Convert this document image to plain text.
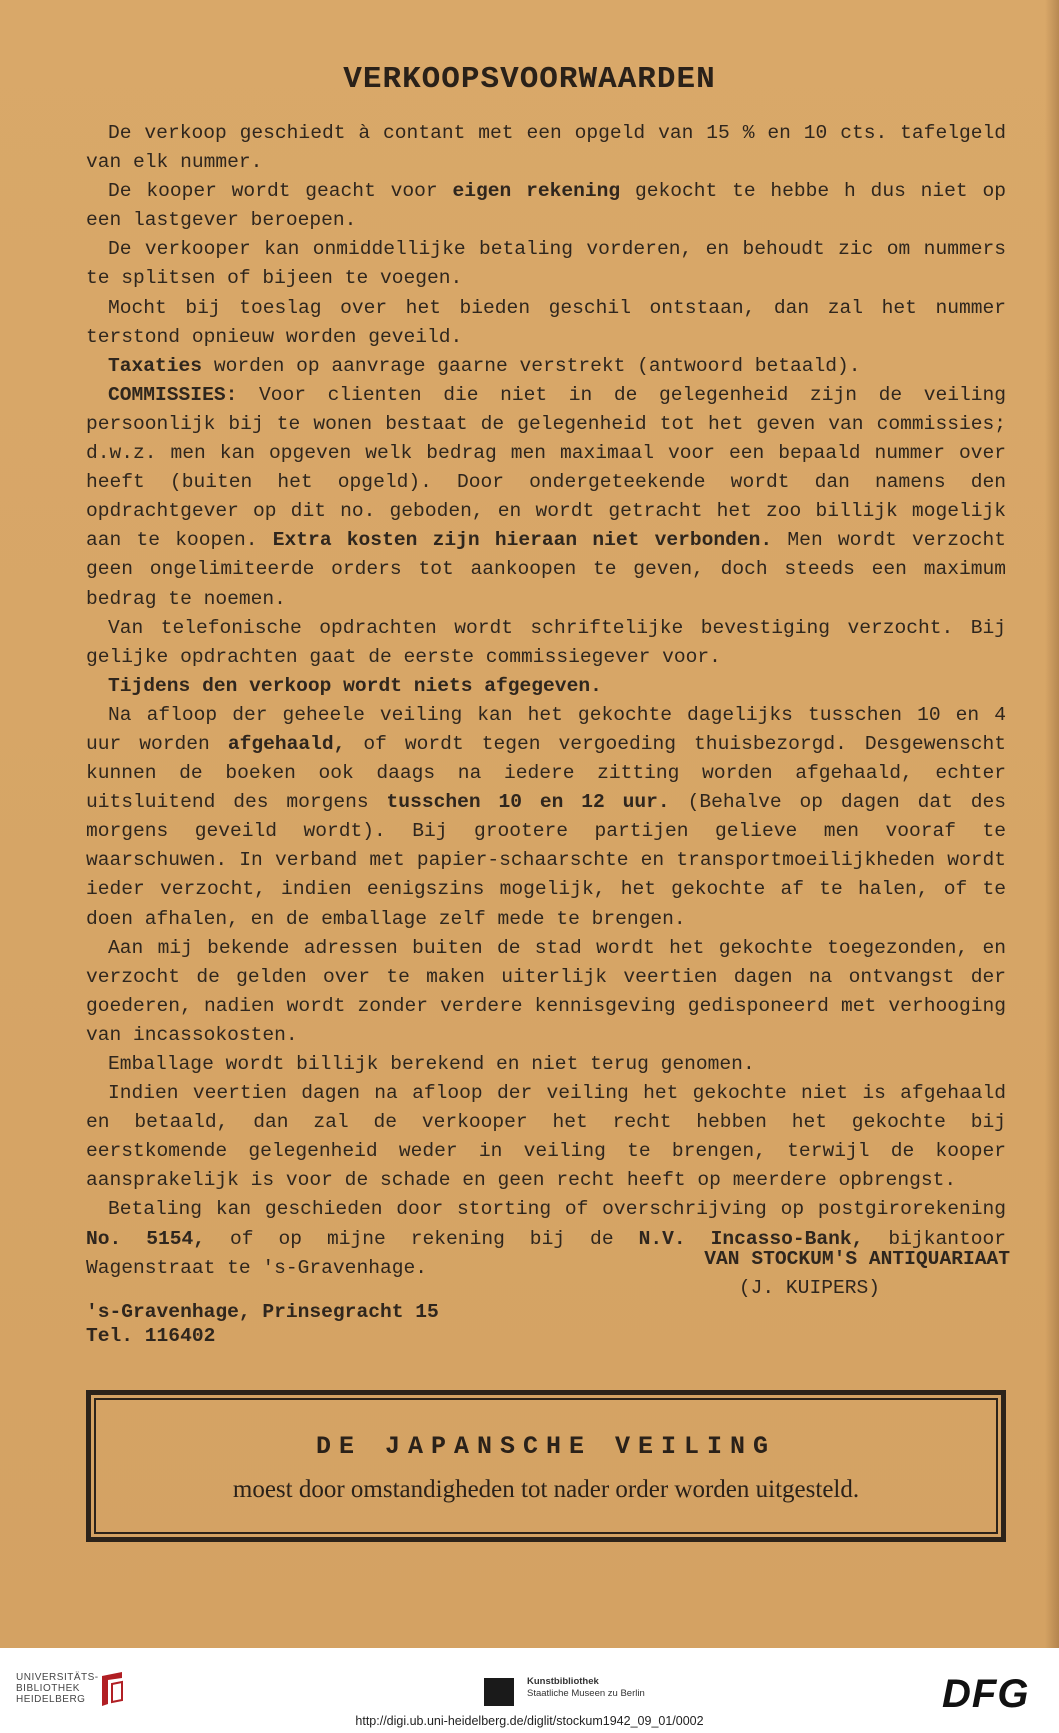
VERKOOPSVOORWAARDEN

De verkoop geschiedt à contant met een opgeld van 15 % en 10 cts. tafelgeld van elk nummer.

De kooper wordt geacht voor eigen rekening gekocht te hebbe h dus niet op een lastgever beroepen.

De verkooper kan onmiddellijke betaling vorderen, en behoudt zic om nummers te splitsen of bijeen te voegen.

Mocht bij toeslag over het bieden geschil ontstaan, dan zal het nummer terstond opnieuw worden geveild.

Taxaties worden op aanvrage gaarne verstrekt (antwoord betaald).

COMMISSIES: Voor clienten die niet in de gelegenheid zijn de veiling persoonlijk bij te wonen bestaat de gelegenheid tot het geven van commissies; d.w.z. men kan opgeven welk bedrag men maximaal voor een bepaald nummer over heeft (buiten het opgeld). Door ondergeteekende wordt dan namens den opdrachtgever op dit no. geboden, en wordt getracht het zoo billijk mogelijk aan te koopen. Extra kosten zijn hieraan niet verbonden. Men wordt verzocht geen ongelimiteerde orders tot aankoopen te geven, doch steeds een maximum bedrag te noemen.

Van telefonische opdrachten wordt schriftelijke bevestiging verzocht. Bij gelijke opdrachten gaat de eerste commissiegever voor.

Tijdens den verkoop wordt niets afgegeven.

Na afloop der geheele veiling kan het gekochte dagelijks tusschen 10 en 4 uur worden afgehaald, of wordt tegen vergoeding thuisbezorgd. Desgewenscht kunnen de boeken ook daags na iedere zitting worden afgehaald, echter uitsluitend des morgens tusschen 10 en 12 uur. (Behalve op dagen dat des morgens geveild wordt). Bij grootere partijen gelieve men vooraf te waarschuwen. In verband met papier-schaarschte en transportmoeilijkheden wordt ieder verzocht, indien eenigszins mogelijk, het gekochte af te halen, of te doen afhalen, en de emballage zelf mede te brengen.

Aan mij bekende adressen buiten de stad wordt het gekochte toegezonden, en verzocht de gelden over te maken uiterlijk veertien dagen na ontvangst der goederen, nadien wordt zonder verdere kennisgeving gedisponeerd met verhooging van incassokosten.

Emballage wordt billijk berekend en niet terug genomen.

Indien veertien dagen na afloop der veiling het gekochte niet is afgehaald en betaald, dan zal de verkooper het recht hebben het gekochte bij eerstkomende gelegenheid weder in veiling te brengen, terwijl de kooper aansprakelijk is voor de schade en geen recht heeft op meerdere opbrengst.

Betaling kan geschieden door storting of overschrijving op postgirorekening No. 5154, of op mijne rekening bij de N.V. Incasso-Bank, bijkantoor Wagenstraat te 's-Gravenhage.	VAN STOCKUM'S ANTIQUARIAAT
(J. KUIPERS)
's-Gravenhage, Prinsegracht 15
Tel. 116402
DE JAPANSCHE VEILING
moest door omstandigheden tot nader order worden uitgesteld.
UNIVERSITÄTS-
BIBLIOTHEK
HEIDELBERG
Kunstbibliothek
Staatliche Museen zu Berlin	DFG
http://digi.ub.uni-heidelberg.de/diglit/stockum1942_09_01/0002
